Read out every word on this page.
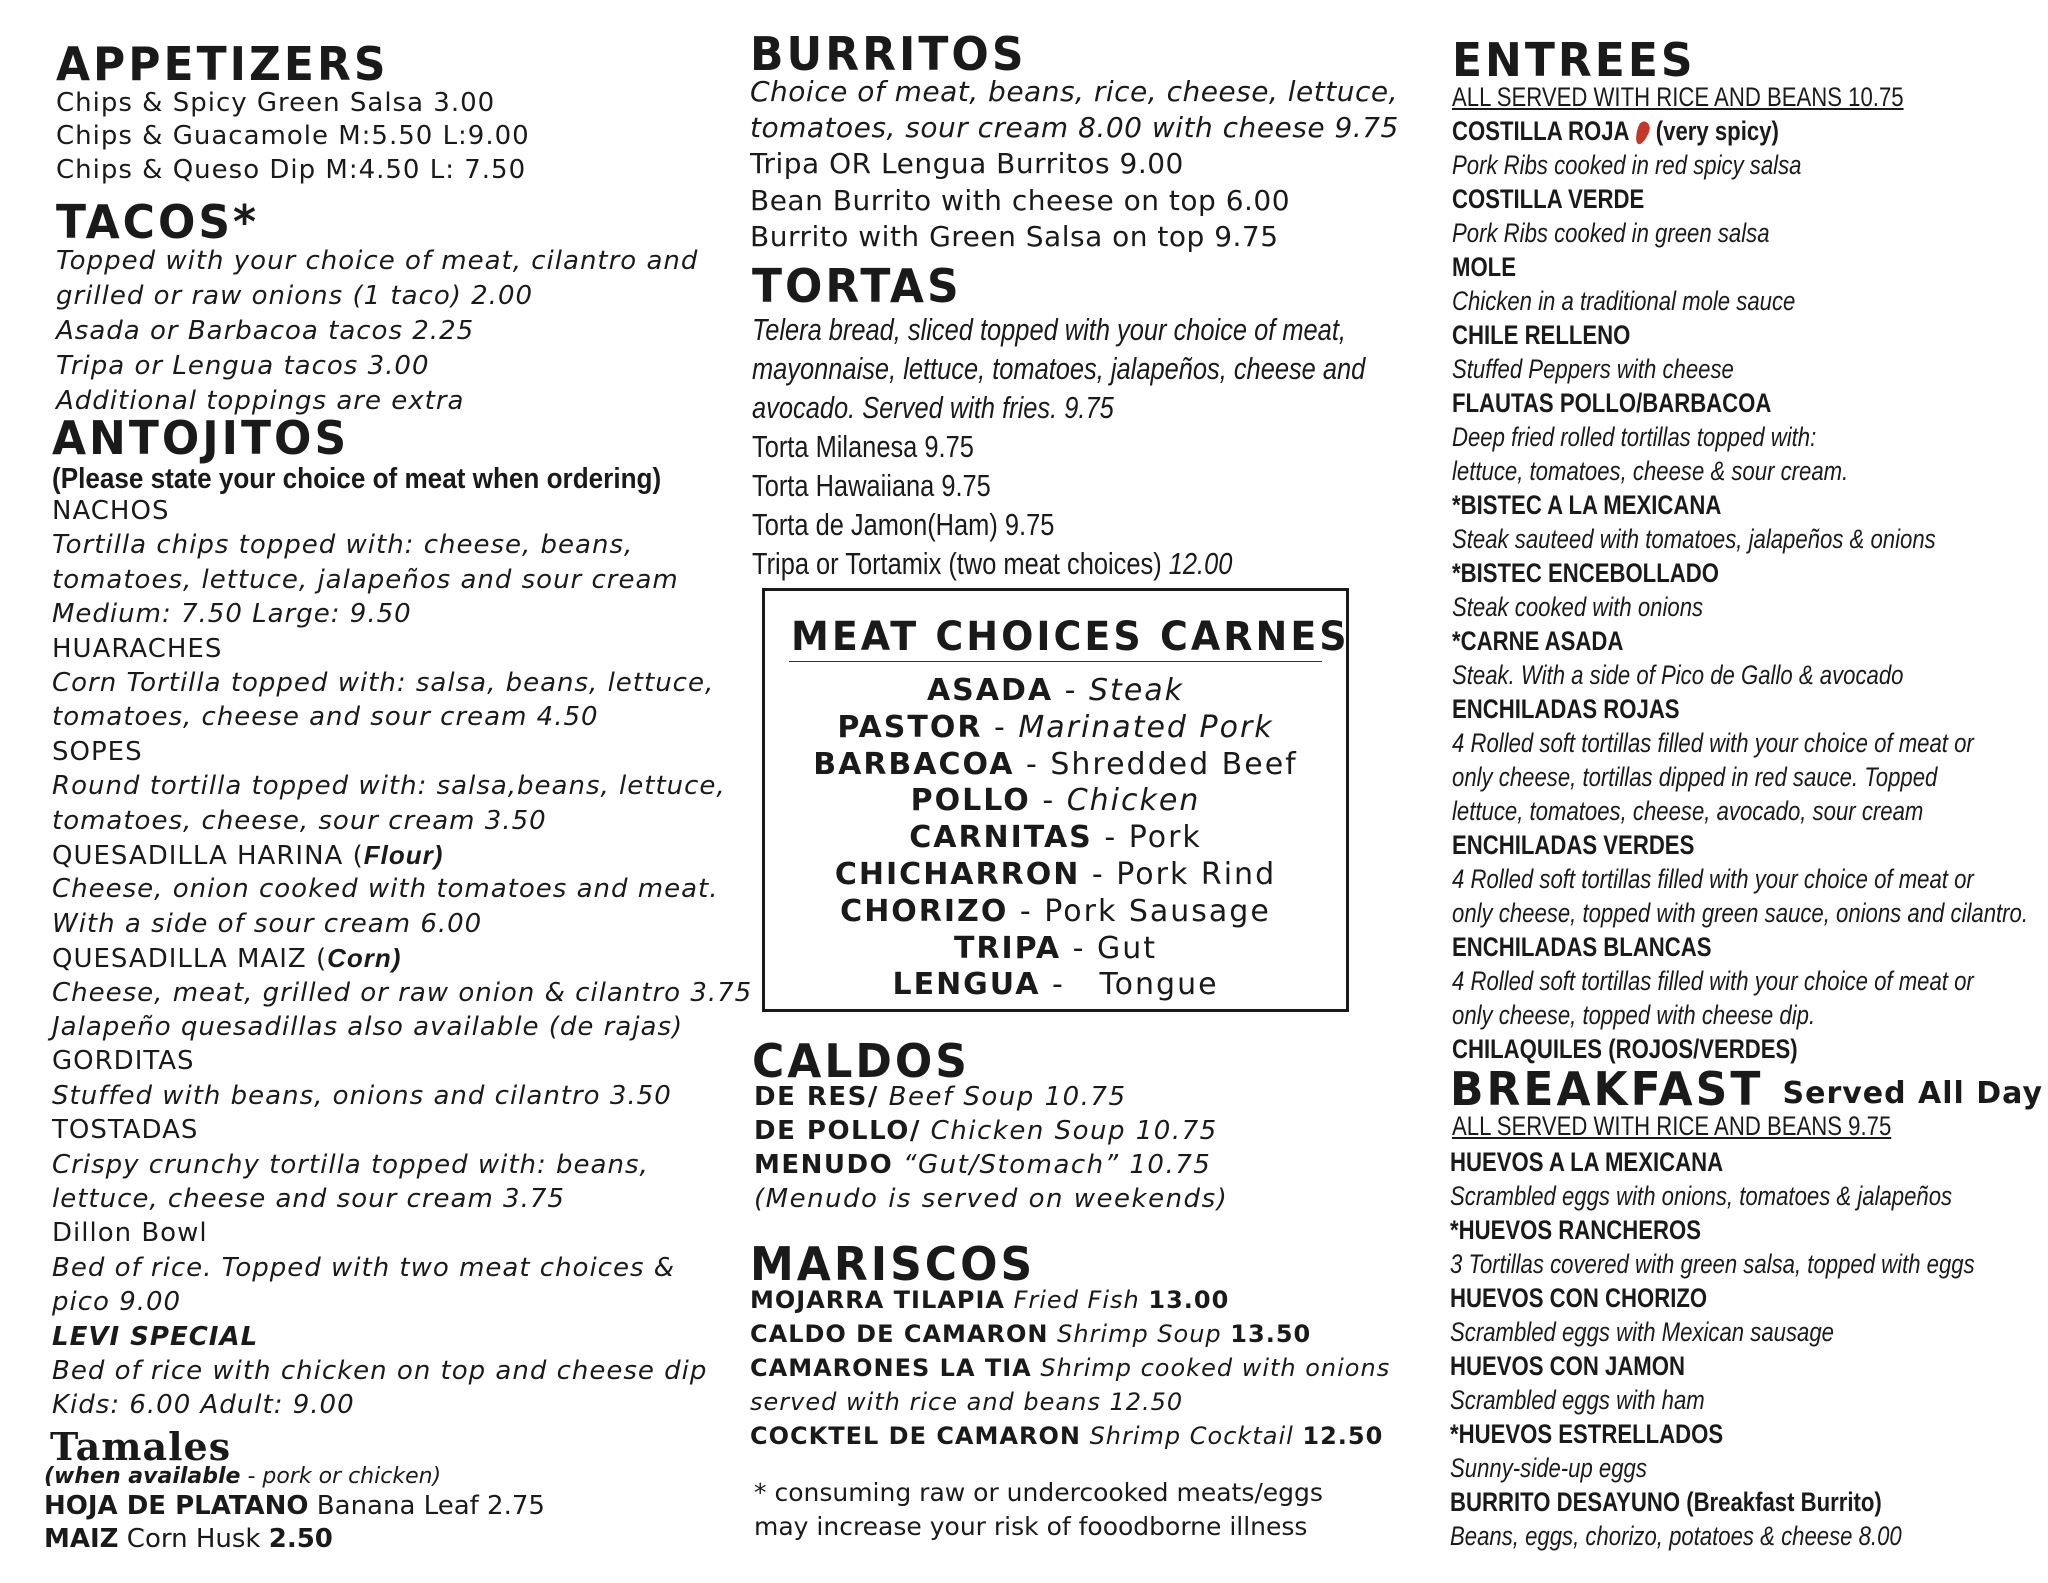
APPETIZERS
Chips & Spicy Green Salsa 3.00
Chips & Guacamole M:5.50 L:9.00
Chips & Queso Dip M:4.50 L: 7.50
TACOS*
Topped with your choice of meat, cilantro and
grilled or raw onions (1 taco) 2.00
Asada or Barbacoa tacos 2.25
Tripa or Lengua tacos 3.00
Additional toppings are extra
ANTOJITOS
(Please state your choice of meat when ordering)
NACHOS
Tortilla chips topped with: cheese, beans,
tomatoes, lettuce, jalapeños and sour cream
Medium: 7.50 Large: 9.50
HUARACHES
Corn Tortilla topped with: salsa, beans, lettuce,
tomatoes, cheese and sour cream 4.50
SOPES
Round tortilla topped with: salsa,beans, lettuce,
tomatoes, cheese, sour cream 3.50
QUESADILLA HARINA (Flour)
Cheese, onion cooked with tomatoes and meat.
With a side of sour cream 6.00
QUESADILLA MAIZ (Corn)
Cheese, meat, grilled or raw onion & cilantro 3.75
Jalapeño quesadillas also available (de rajas)
GORDITAS
Stuffed with beans, onions and cilantro 3.50
TOSTADAS
Crispy crunchy tortilla topped with: beans,
lettuce, cheese and sour cream 3.75
Dillon Bowl
Bed of rice. Topped with two meat choices &
pico 9.00
LEVI SPECIAL
Bed of rice with chicken on top and cheese dip
Kids: 6.00 Adult: 9.00
Tamales
(when available - pork or chicken)
HOJA DE PLATANO Banana Leaf 2.75
MAIZ Corn Husk 2.50
BURRITOS
Choice of meat, beans, rice, cheese, lettuce,
tomatoes, sour cream 8.00 with cheese 9.75
Tripa OR Lengua Burritos 9.00
Bean Burrito with cheese on top 6.00
Burrito with Green Salsa on top 9.75
TORTAS
Telera bread, sliced topped with your choice of meat,
mayonnaise, lettuce, tomatoes, jalapeños, cheese and
avocado. Served with fries. 9.75
Torta Milanesa 9.75
Torta Hawaiiana 9.75
Torta de Jamon(Ham) 9.75
Tripa or Tortamix (two meat choices) 12.00
MEAT CHOICES CARNES
ASADA - Steak
PASTOR - Marinated Pork
BARBACOA - Shredded Beef
POLLO - Chicken
CARNITAS - Pork
CHICHARRON - Pork Rind
CHORIZO - Pork Sausage
TRIPA - Gut
LENGUA -   Tongue
CALDOS
DE RES/ Beef Soup 10.75
DE POLLO/ Chicken Soup 10.75
MENUDO “Gut/Stomach” 10.75
(Menudo is served on weekends)
MARISCOS
MOJARRA TILAPIA Fried Fish 13.00
CALDO DE CAMARON Shrimp Soup 13.50
CAMARONES LA TIA Shrimp cooked with onions
COCKTEL DE CAMARON Shrimp Cocktail 12.50
served with rice and beans 12.50
* consuming raw or undercooked meats/eggs
may increase your risk of fooodborne illness
ENTREES
ALL SERVED WITH RICE AND BEANS 10.75
COSTILLA ROJA (very spicy)
Pork Ribs cooked in red spicy salsa
COSTILLA VERDE
Pork Ribs cooked in green salsa
MOLE
Chicken in a traditional mole sauce
CHILE RELLENO
Stuffed Peppers with cheese
FLAUTAS POLLO/BARBACOA
Deep fried rolled tortillas topped with:
lettuce, tomatoes, cheese & sour cream.
*BISTEC A LA MEXICANA
Steak sauteed with tomatoes, jalapeños & onions
*BISTEC ENCEBOLLADO
Steak cooked with onions
*CARNE ASADA
Steak. With a side of Pico de Gallo & avocado
ENCHILADAS ROJAS
4 Rolled soft tortillas filled with your choice of meat or
only cheese, tortillas dipped in red sauce. Topped
lettuce, tomatoes, cheese, avocado, sour cream
ENCHILADAS VERDES
4 Rolled soft tortillas filled with your choice of meat or
only cheese, topped with green sauce, onions and cilantro.
ENCHILADAS BLANCAS
4 Rolled soft tortillas filled with your choice of meat or
only cheese, topped with cheese dip.
CHILAQUILES (ROJOS/VERDES)
BREAKFAST Served All Day
ALL SERVED WITH RICE AND BEANS 9.75
HUEVOS A LA MEXICANA
Scrambled eggs with onions, tomatoes & jalapeños
*HUEVOS RANCHEROS
3 Tortillas covered with green salsa, topped with eggs
HUEVOS CON CHORIZO
Scrambled eggs with Mexican sausage
HUEVOS CON JAMON
Scrambled eggs with ham
*HUEVOS ESTRELLADOS
Sunny-side-up eggs
BURRITO DESAYUNO (Breakfast Burrito)
Beans, eggs, chorizo, potatoes & cheese 8.00
